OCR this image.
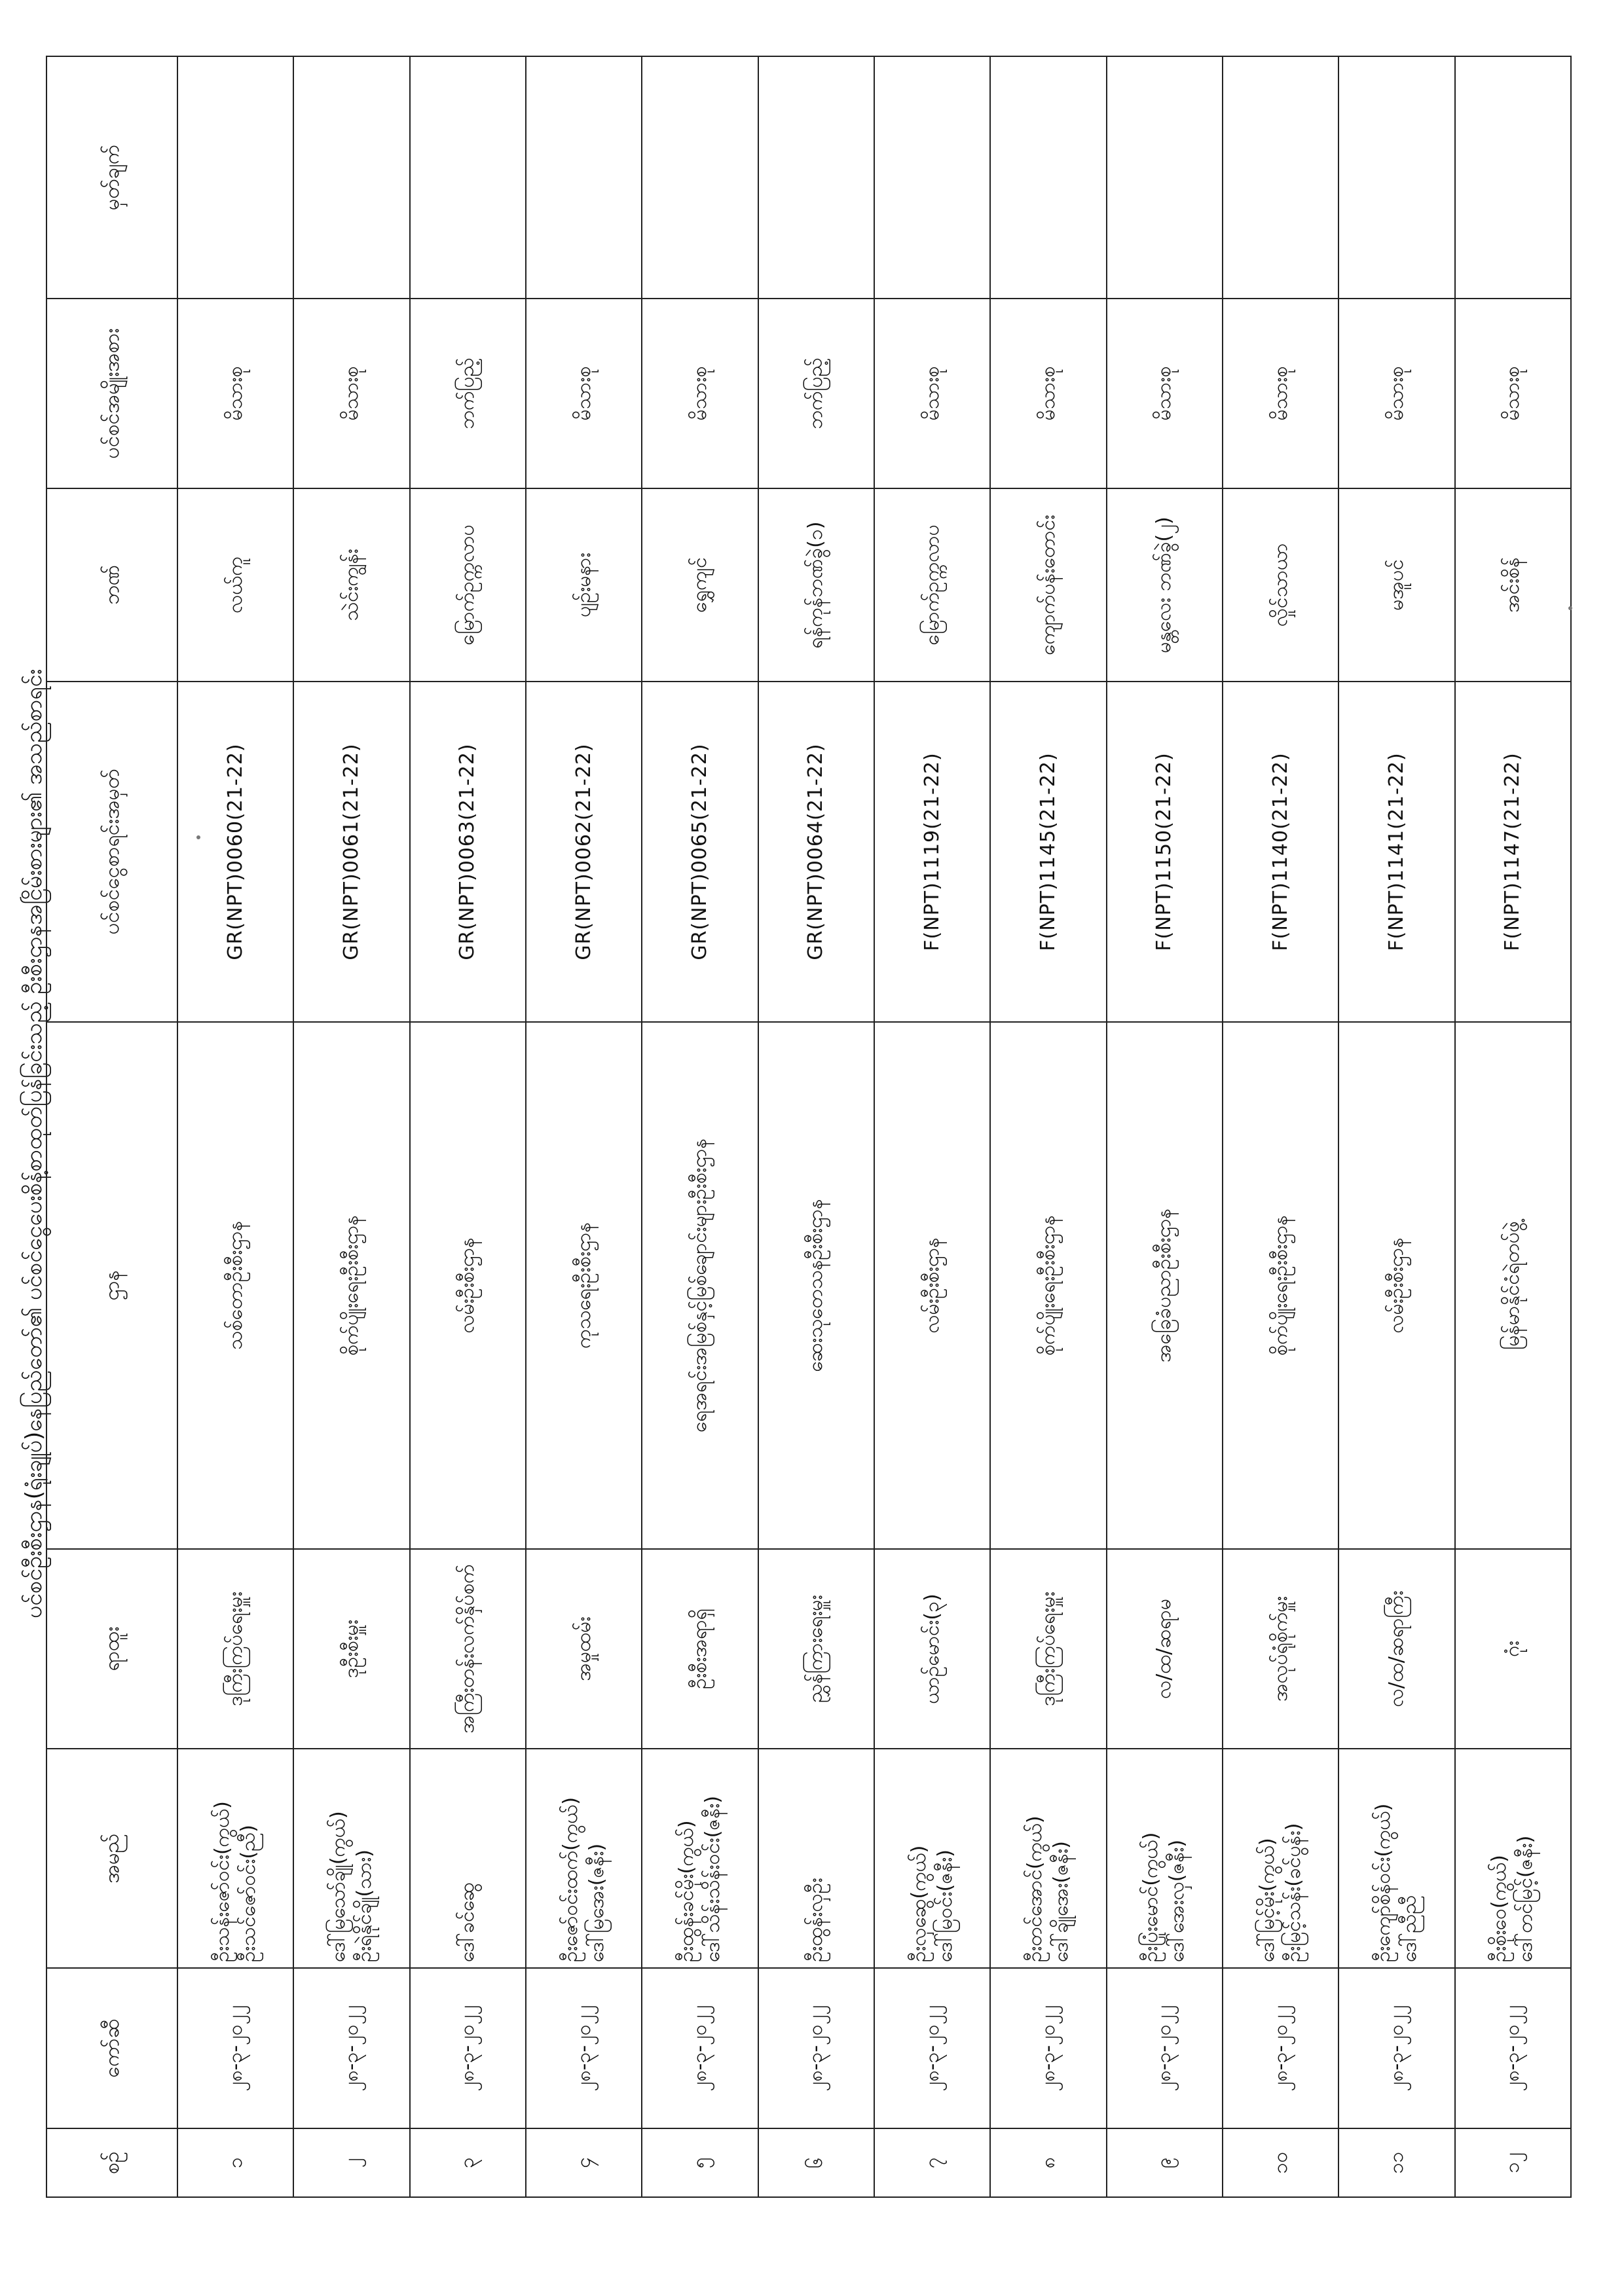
ပင်စင်ဦးစီးဌာန(ရုံးချုပ်)နေပြည်တော်၏ ပင်စင်ငွေပေးစိန့်စာထုတ်ပြန်ခြင်းသည့် ဦးစီးဌာနအငြိမ်းစားများ၏ အသည်စာရင်း
စဉ်	ကော်ဆီ	အမည်	ရာထူး	ဌာန	ပင်စင်ငွေစာရင်းအမှတ်	ဘဏ်	ပင်စင်အမျိုးအစား	မှတ်ချက်
၁	၂၈-၃-၂၀၂၂	ဦးသန်းဇော်ဝင်း(ကွယ်) ဦးသင်ဇော်ဝင်း(ညီ)	ဒုကြီးကြပ်ရေးမှူး	သစ်တောဦးစီးဌာန	GR(NPT)0060(21-22)	လယ်ကူ	မိသားစု	
၂	၂၈-၃-၂၀၂၂	ဒေါ်မြသော်ချို(ကွယ်) ဦးရဲနိုင်ချို(သား)	ဒုဦးစီးမှူး	စိုက်ပျိုးရေးဦးစီးဌာန	GR(NPT)0061(21-22)	သဲင်းကျွန်း	မိသားစု	
၃	၂၈-၃-၂၀၂၂	ဒေါ်ခင်ဆွေ	အကြီးတန်းလက်နှိပ်စက်	လမ်းဦးစီးဌာန	GR(NPT)0063(21-22)	မြောက်ဥက္ကလာပ	ဘက်ပြည့်	
၄	၂၈-၃-၂၀၂၂	ဦးဇော်ဝင်းထက်(ကွယ်) ဒေါ်မြအေး(ဇနီး)	အမှုထမ်း	ကုသရေးဦးစီးဌာန	GR(NPT)0062(21-22)	ပျဉ်းမနား	မိသားစု	
၅	၂၈-၃-၂၀၂၂	ဦးထွန်းခင်မိုး(ကွယ်) ဒေါ်သိန်းသိန်းဝင်း(ဇနီး)	ဦးစီးအရာရှိ	ရေအရင်းအမြစ်နှင့်မြစ်ချောင်းများဦးစီးဌာန	GR(NPT)0065(21-22)	ရွှေကျင်	မိသားစု	
၆	၂၈-၃-၂၀၂၂	ဦးထွန်းလှဦး	ညွှန်ကြားရေးမှူး	ဆေးသုတေသနဦးစီးဌာန	GR(NPT)0064(21-22)	ရန်ကုန်ဘဏ်ခွဲ(၁)	ဘက်ပြည့်	
၇	၂၈-၃-၂၀၂၂	ဦးလှဆွေ(ကွယ်) ဒေါ်မြဝင်း(ဇနီး)	ယာဉ်မောင်း(၃)	လမ်းဦးစီးဌာန	F(NPT)1119(21-22)	မြောက်ဥက္ကလာပ	မိသားစု	
၈	၂၈-၃-၂၀၂၂	ဦးတင်အောင်(ကွယ်) ဒေါ်ချိုအေး(ဇနီး)	ဒုကြီးကြပ်ရေးမှူး	စိုက်ပျိုးရေးဦးစီးဌာန	F(NPT)1145(21-22)	ကျောက်ပန်းတောင်း	မိသားစု	
၉	၂၈-၃-၂၀၂၂	ဦးပြုံးမောင်(ကွယ်) ဒေါ်အေးလှ(ဇနီး)	လ/ထ/ဆရာမ	အခြေခံပညာဦးစီးဌာန	F(NPT)1150(21-22)	မန္တလေး ဘဏ်ခွဲ(၂)	မိသားစု	
၁၀	၂၈-၃-၂၀၂၂	ဒေါ်မြင့်မိုး(ကွယ်) ဦးမြင့်သန်း(ခင်ပွန်း)	အလုပ်ရုံစိုက်မှူး	စိုက်ပျိုးရေးဦးစီးဌာန	F(NPT)1140(21-22)	လှိုင်သာယာ	မိသားစု	
၁၁	၂၈-၃-၂၀၂၂	ဦးကျော်စိန်ဝင်း(ကွယ်) ဒေါ်ညီညီ	လ/ထ/ဆရာကြီး	လမ်းဦးစီးဌာန	F(NPT)1141(21-22)	မအူပင်	မိသားစု	
၁၂	၂၈-၃-၂၀၂၂	ဦးစိုးဝေ(ကွယ်) ဒေါ်တင်မြင့်(ဇနီး)	ဂုံး	မြန်မာနိုင်ငံရဲတပ်ဖွဲ့	F(NPT)1147(21-22)	အင်းစိန်	မိသားစု	
